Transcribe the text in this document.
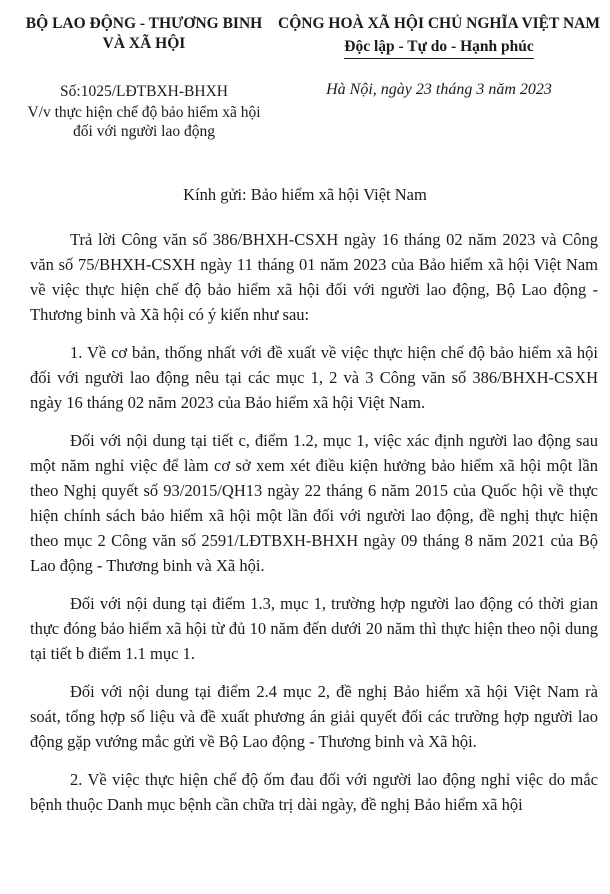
BỘ LAO ĐỘNG - THƯƠNG BINH
VÀ XÃ HỘI
CỘNG HOÀ XÃ HỘI CHỦ NGHĨA VIỆT NAM
Độc lập - Tự do - Hạnh phúc
Số:1025/LĐTBXH-BHXH
V/v thực hiện chế độ bảo hiểm xã hội
đối với người lao động
Hà Nội, ngày 23 tháng 3 năm 2023
Kính gửi: Bảo hiểm xã hội Việt Nam

Trả lời Công văn số 386/BHXH-CSXH ngày 16 tháng 02 năm 2023 và Công văn số 75/BHXH-CSXH ngày 11 tháng 01 năm 2023 của Bảo hiểm xã hội Việt Nam về việc thực hiện chế độ bảo hiểm xã hội đối với người lao động, Bộ Lao động - Thương binh và Xã hội có ý kiến như sau:

1. Về cơ bản, thống nhất với đề xuất về việc thực hiện chế độ bảo hiểm xã hội đối với người lao động nêu tại các mục 1, 2 và 3 Công văn số 386/BHXH-CSXH ngày 16 tháng 02 năm 2023 của Bảo hiểm xã hội Việt Nam.

Đối với nội dung tại tiết c, điểm 1.2, mục 1, việc xác định người lao động sau một năm nghỉ việc để làm cơ sở xem xét điều kiện hưởng bảo hiểm xã hội một lần theo Nghị quyết số 93/2015/QH13 ngày 22 tháng 6 năm 2015 của Quốc hội về thực hiện chính sách bảo hiểm xã hội một lần đối với người lao động, đề nghị thực hiện theo mục 2 Công văn số 2591/LĐTBXH-BHXH ngày 09 tháng 8 năm 2021 của Bộ Lao động - Thương binh và Xã hội.

Đối với nội dung tại điểm 1.3, mục 1, trường hợp người lao động có thời gian thực đóng bảo hiểm xã hội từ đủ 10 năm đến dưới 20 năm thì thực hiện theo nội dung tại tiết b điểm 1.1 mục 1.

Đối với nội dung tại điểm 2.4 mục 2, đề nghị Bảo hiểm xã hội Việt Nam rà soát, tổng hợp số liệu và đề xuất phương án giải quyết đối các trường hợp người lao động gặp vướng mắc gửi về Bộ Lao động - Thương binh và Xã hội.

2. Về việc thực hiện chế độ ốm đau đối với người lao động nghỉ việc do mắc bệnh thuộc Danh mục bệnh cần chữa trị dài ngày, đề nghị Bảo hiểm xã hội
